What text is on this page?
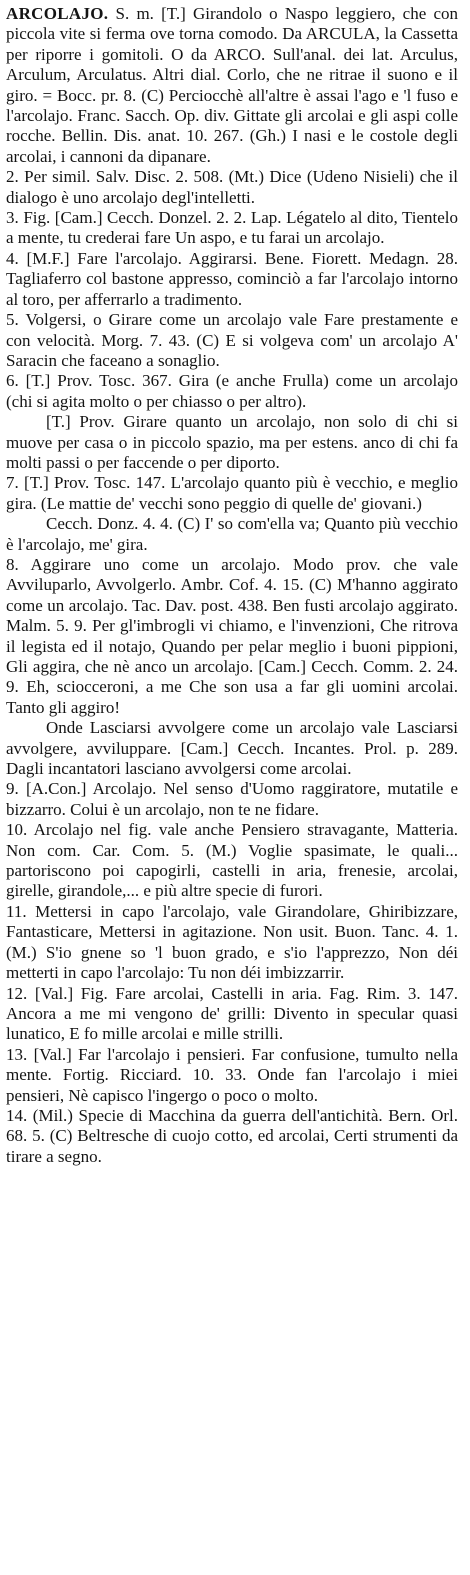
ARCOLAJO. S. m. [T.] Girandolo o Naspo leggiero, che con piccola vite si ferma ove torna comodo. Da ARCULA, la Cassetta per riporre i gomitoli. O da ARCO. Sull'anal. dei lat. Arculus, Arculum, Arculatus. Altri dial. Corlo, che ne ritrae il suono e il giro. = Bocc. pr. 8. (C) Perciocchè all'altre è assai l'ago e 'l fuso e l'arcolajo. Franc. Sacch. Op. div. Gittate gli arcolai e gli aspi colle rocche. Bellin. Dis. anat. 10. 267. (Gh.) I nasi e le costole degli arcolai, i cannoni da dipanare.

2. Per simil. Salv. Disc. 2. 508. (Mt.) Dice (Udeno Nisieli) che il dialogo è uno arcolajo degl'intelletti.

3. Fig. [Cam.] Cecch. Donzel. 2. 2. Lap. Légatelo al dito, Tientelo a mente, tu crederai fare Un aspo, e tu farai un arcolajo.

4. [M.F.] Fare l'arcolajo. Aggirarsi. Bene. Fiorett. Medagn. 28. Tagliaferro col bastone appresso, cominciò a far l'arcolajo intorno al toro, per afferrarlo a tradimento.

5. Volgersi, o Girare come un arcolajo vale Fare prestamente e con velocità. Morg. 7. 43. (C) E si volgeva com' un arcolajo A' Saracin che faceano a sonaglio.

6. [T.] Prov. Tosc. 367. Gira (e anche Frulla) come un arcolajo (chi si agita molto o per chiasso o per altro).

[T.] Prov. Girare quanto un arcolajo, non solo di chi si muove per casa o in piccolo spazio, ma per estens. anco di chi fa molti passi o per faccende o per diporto.

7. [T.] Prov. Tosc. 147. L'arcolajo quanto più è vecchio, e meglio gira. (Le mattie de' vecchi sono peggio di quelle de' giovani.)

Cecch. Donz. 4. 4. (C) I' so com'ella va; Quanto più vecchio è l'arcolajo, me' gira.

8. Aggirare uno come un arcolajo. Modo prov. che vale Avviluparlo, Avvolgerlo. Ambr. Cof. 4. 15. (C) M'hanno aggirato come un arcolajo. Tac. Dav. post. 438. Ben fusti arcolajo aggirato. Malm. 5. 9. Per gl'imbrogli vi chiamo, e l'invenzioni, Che ritrova il legista ed il notajo, Quando per pelar meglio i buoni pippioni, Gli aggira, che nè anco un arcolajo. [Cam.] Cecch. Comm. 2. 24. 9. Eh, sciocceroni, a me Che son usa a far gli uomini arcolai. Tanto gli aggiro!

Onde Lasciarsi avvolgere come un arcolajo vale Lasciarsi avvolgere, avvilupparе. [Cam.] Cecch. Incantes. Prol. p. 289. Dagli incantatori lasciano avvolgersi come arcolai.

9. [A.Con.] Arcolajo. Nel senso d'Uomo raggiratore, mutatile e bizzarro. Colui è un arcolajo, non te ne fidare.

10. Arcolajo nel fig. vale anche Pensiero stravagante, Matteria. Non com. Car. Com. 5. (M.) Voglie spasimate, le quali... partoriscono poi capogirli, castelli in aria, frenesie, arcolai, girelle, girandole,... e più altre specie di furori.

11. Mettersi in capo l'arcolajo, vale Girandolare, Ghiribizzare, Fantasticare, Mettersi in agitazione. Non usit. Buon. Tanc. 4. 1. (M.) S'io gnene so 'l buon grado, e s'io l'apprezzo, Non déi metterti in capo l'arcolajo: Tu non déi imbizzarrir.

12. [Val.] Fig. Fare arcolai, Castelli in aria. Fag. Rim. 3. 147. Ancora a me mi vengono de' grilli: Divento in specular quasi lunatico, E fo mille arcolai e mille strilli.

13. [Val.] Far l'arcolajo i pensieri. Far confusione, tumulto nella mente. Fortig. Ricciard. 10. 33. Onde fan l'arcolajo i miei pensieri, Nè capisco l'ingergo o poco o molto.

14. (Mil.) Specie di Macchina da guerra dell'antichità. Bern. Orl. 68. 5. (C) Beltresche di cuojo cotto, ed arcolai, Certi strumenti da tirare a segno.
